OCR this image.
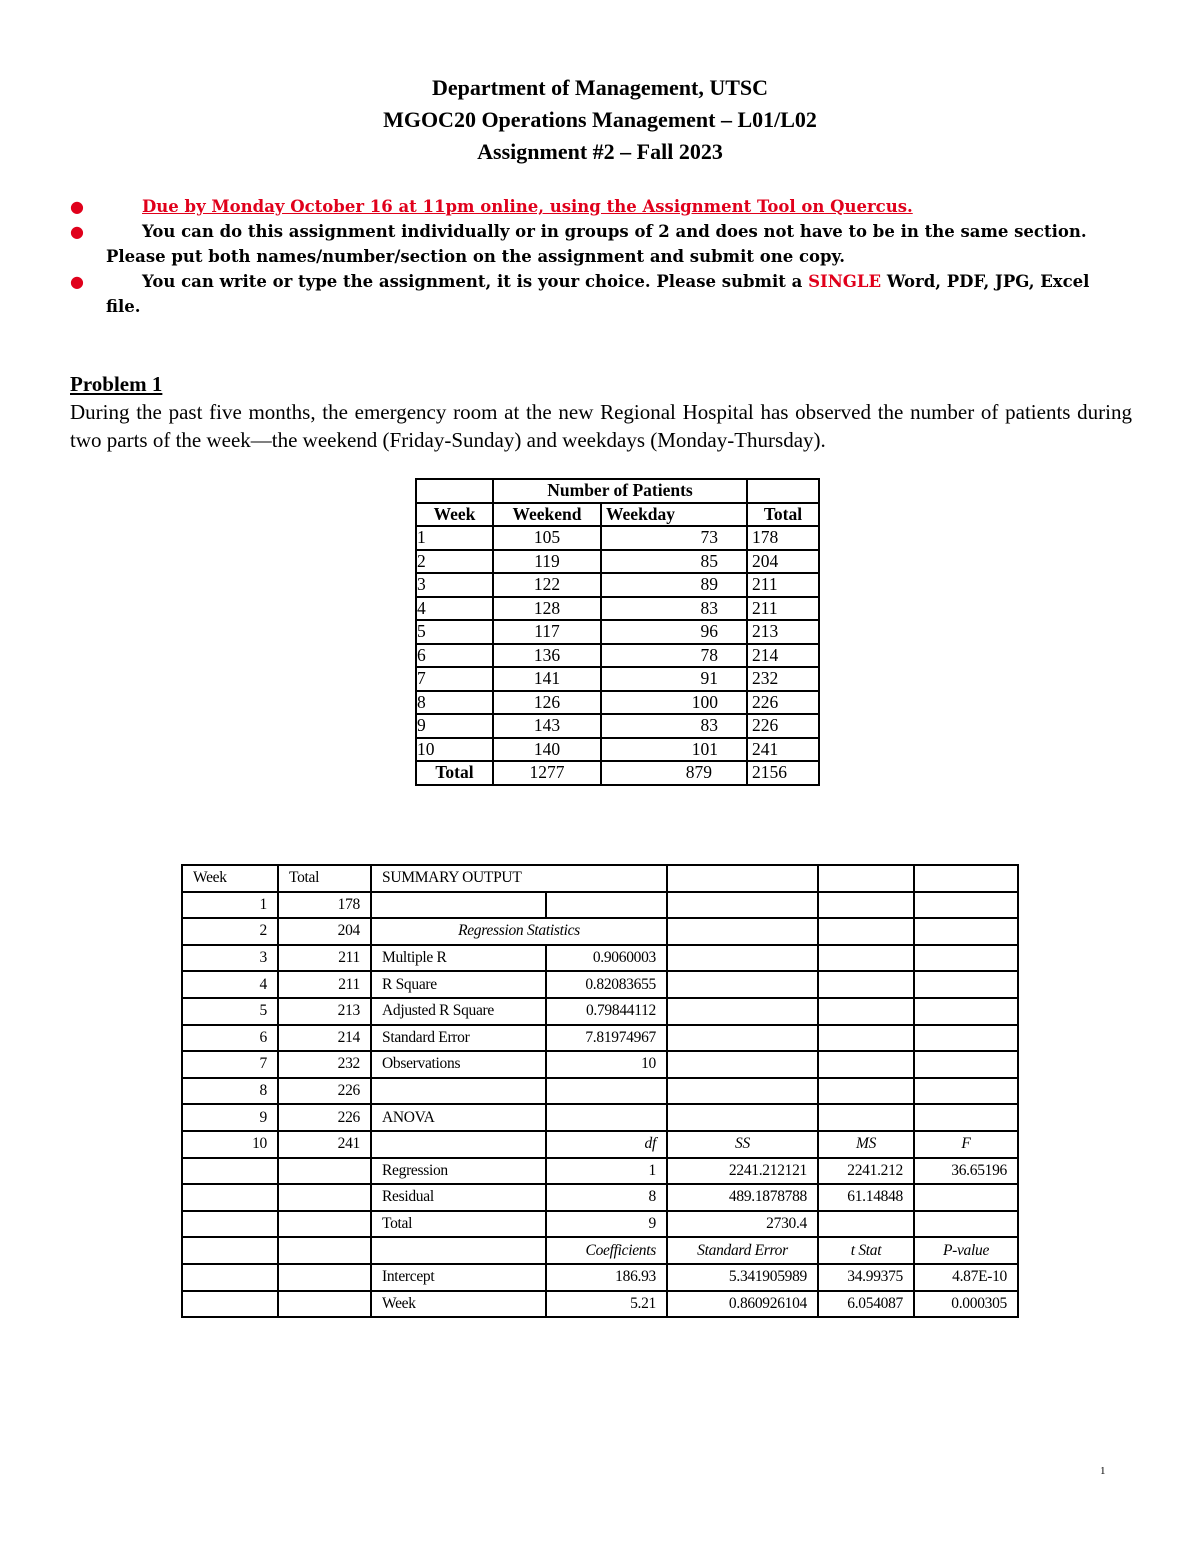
Department of Management, UTSC
MGOC20 Operations Management – L01/L02
Assignment #2 – Fall 2023
●	Due by Monday October 16 at 11pm online, using the Assignment Tool on Quercus.
●	You can do this assignment individually or in groups of 2 and does not have to be in the same section.
Please put both names/number/section on the assignment and submit one copy.
●	You can write or type the assignment, it is your choice. Please submit a SINGLE Word, PDF, JPG, Excel
file.
Problem 1
During the past five months, the emergency room at the new Regional Hospital has observed the number of patients during two parts of the week—the weekend (Friday-Sunday) and weekdays (Monday-Thursday).
	Number of Patients		
Week	Weekend	Weekday	Total
1	105	73	178
2	119	85	204
3	122	89	211
4	128	83	211
5	117	96	213
6	136	78	214
7	141	91	232
8	126	100	226
9	143	83	226
10	140	101	241
Total	1277	879	2156
Week	Total	SUMMARY OUTPUT				
1	178					
2	204	Regression Statistics				
3	211	Multiple R	0.9060003			
4	211	R Square	0.82083655			
5	213	Adjusted R Square	0.79844112			
6	214	Standard Error	7.81974967			
7	232	Observations	10			
8	226					
9	226	ANOVA				
10	241		df	SS	MS	F
		Regression	1	2241.212121	2241.212	36.65196
		Residual	8	489.1878788	61.14848	
		Total	9	2730.4		
			Coefficients	Standard Error	t Stat	P-value
		Intercept	186.93	5.341905989	34.99375	4.87E-10
		Week	5.21	0.860926104	6.054087	0.000305
1
